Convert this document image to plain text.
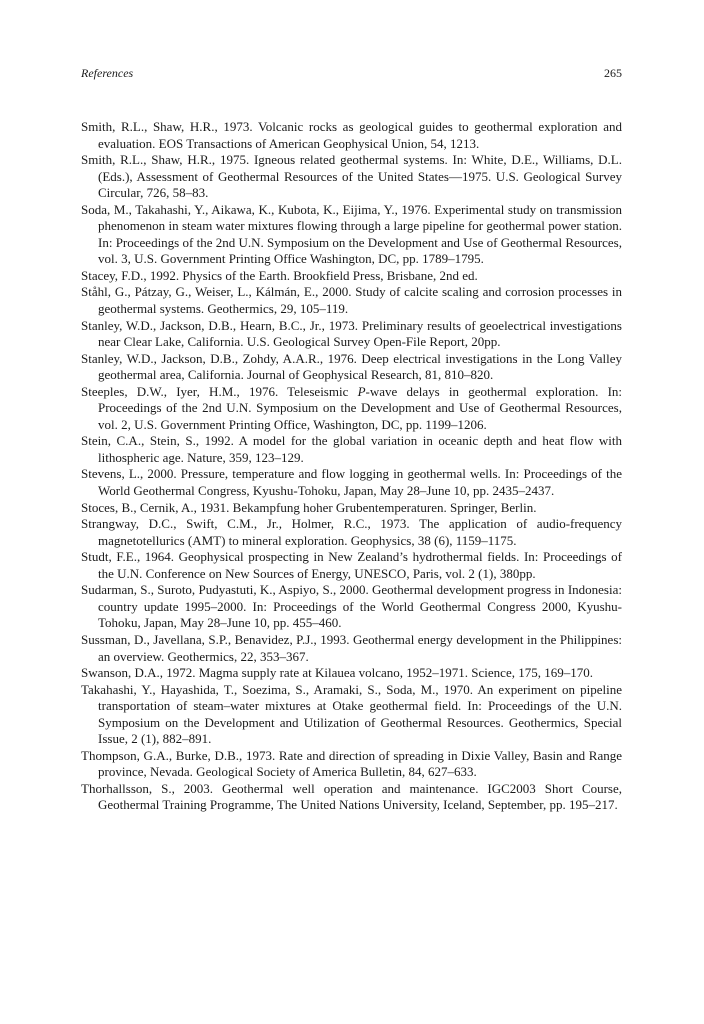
References	265

Smith, R.L., Shaw, H.R., 1973. Volcanic rocks as geological guides to geothermal exploration and evaluation. EOS Transactions of American Geophysical Union, 54, 1213.

Smith, R.L., Shaw, H.R., 1975. Igneous related geothermal systems. In: White, D.E., Williams, D.L. (Eds.), Assessment of Geothermal Resources of the United States—1975. U.S. Geological Survey Circular, 726, 58–83.

Soda, M., Takahashi, Y., Aikawa, K., Kubota, K., Eijima, Y., 1976. Experimental study on transmission phenomenon in steam water mixtures flowing through a large pipeline for geothermal power station. In: Proceedings of the 2nd U.N. Symposium on the Development and Use of Geothermal Resources, vol. 3, U.S. Government Printing Office Washington, DC, pp. 1789–1795.

Stacey, F.D., 1992. Physics of the Earth. Brookfield Press, Brisbane, 2nd ed.

Ståhl, G., Pátzay, G., Weiser, L., Kálmán, E., 2000. Study of calcite scaling and corrosion processes in geothermal systems. Geothermics, 29, 105–119.

Stanley, W.D., Jackson, D.B., Hearn, B.C., Jr., 1973. Preliminary results of geoelectrical investigations near Clear Lake, California. U.S. Geological Survey Open-File Report, 20pp.

Stanley, W.D., Jackson, D.B., Zohdy, A.A.R., 1976. Deep electrical investigations in the Long Valley geothermal area, California. Journal of Geophysical Research, 81, 810–820.

Steeples, D.W., Iyer, H.M., 1976. Teleseismic P-wave delays in geothermal exploration. In: Proceedings of the 2nd U.N. Symposium on the Development and Use of Geothermal Resources, vol. 2, U.S. Government Printing Office, Washington, DC, pp. 1199–1206.

Stein, C.A., Stein, S., 1992. A model for the global variation in oceanic depth and heat flow with lithospheric age. Nature, 359, 123–129.

Stevens, L., 2000. Pressure, temperature and flow logging in geothermal wells. In: Proceedings of the World Geothermal Congress, Kyushu-Tohoku, Japan, May 28–June 10, pp. 2435–2437.

Stoces, B., Cernik, A., 1931. Bekampfung hoher Grubentemperaturen. Springer, Berlin.

Strangway, D.C., Swift, C.M., Jr., Holmer, R.C., 1973. The application of audio-frequency magnetotellurics (AMT) to mineral exploration. Geophysics, 38 (6), 1159–1175.

Studt, F.E., 1964. Geophysical prospecting in New Zealand’s hydrothermal fields. In: Proceedings of the U.N. Conference on New Sources of Energy, UNESCO, Paris, vol. 2 (1), 380pp.

Sudarman, S., Suroto, Pudyastuti, K., Aspiyo, S., 2000. Geothermal development progress in Indonesia: country update 1995–2000. In: Proceedings of the World Geothermal Congress 2000, Kyushu-Tohoku, Japan, May 28–June 10, pp. 455–460.

Sussman, D., Javellana, S.P., Benavidez, P.J., 1993. Geothermal energy development in the Philippines: an overview. Geothermics, 22, 353–367.

Swanson, D.A., 1972. Magma supply rate at Kilauea volcano, 1952–1971. Science, 175, 169–170.

Takahashi, Y., Hayashida, T., Soezima, S., Aramaki, S., Soda, M., 1970. An experiment on pipeline transportation of steam–water mixtures at Otake geothermal field. In: Proceedings of the U.N. Symposium on the Development and Utilization of Geothermal Resources. Geothermics, Special Issue, 2 (1), 882–891.

Thompson, G.A., Burke, D.B., 1973. Rate and direction of spreading in Dixie Valley, Basin and Range province, Nevada. Geological Society of America Bulletin, 84, 627–633.

Thorhallsson, S., 2003. Geothermal well operation and maintenance. IGC2003 Short Course, Geothermal Training Programme, The United Nations University, Iceland, September, pp. 195–217.
